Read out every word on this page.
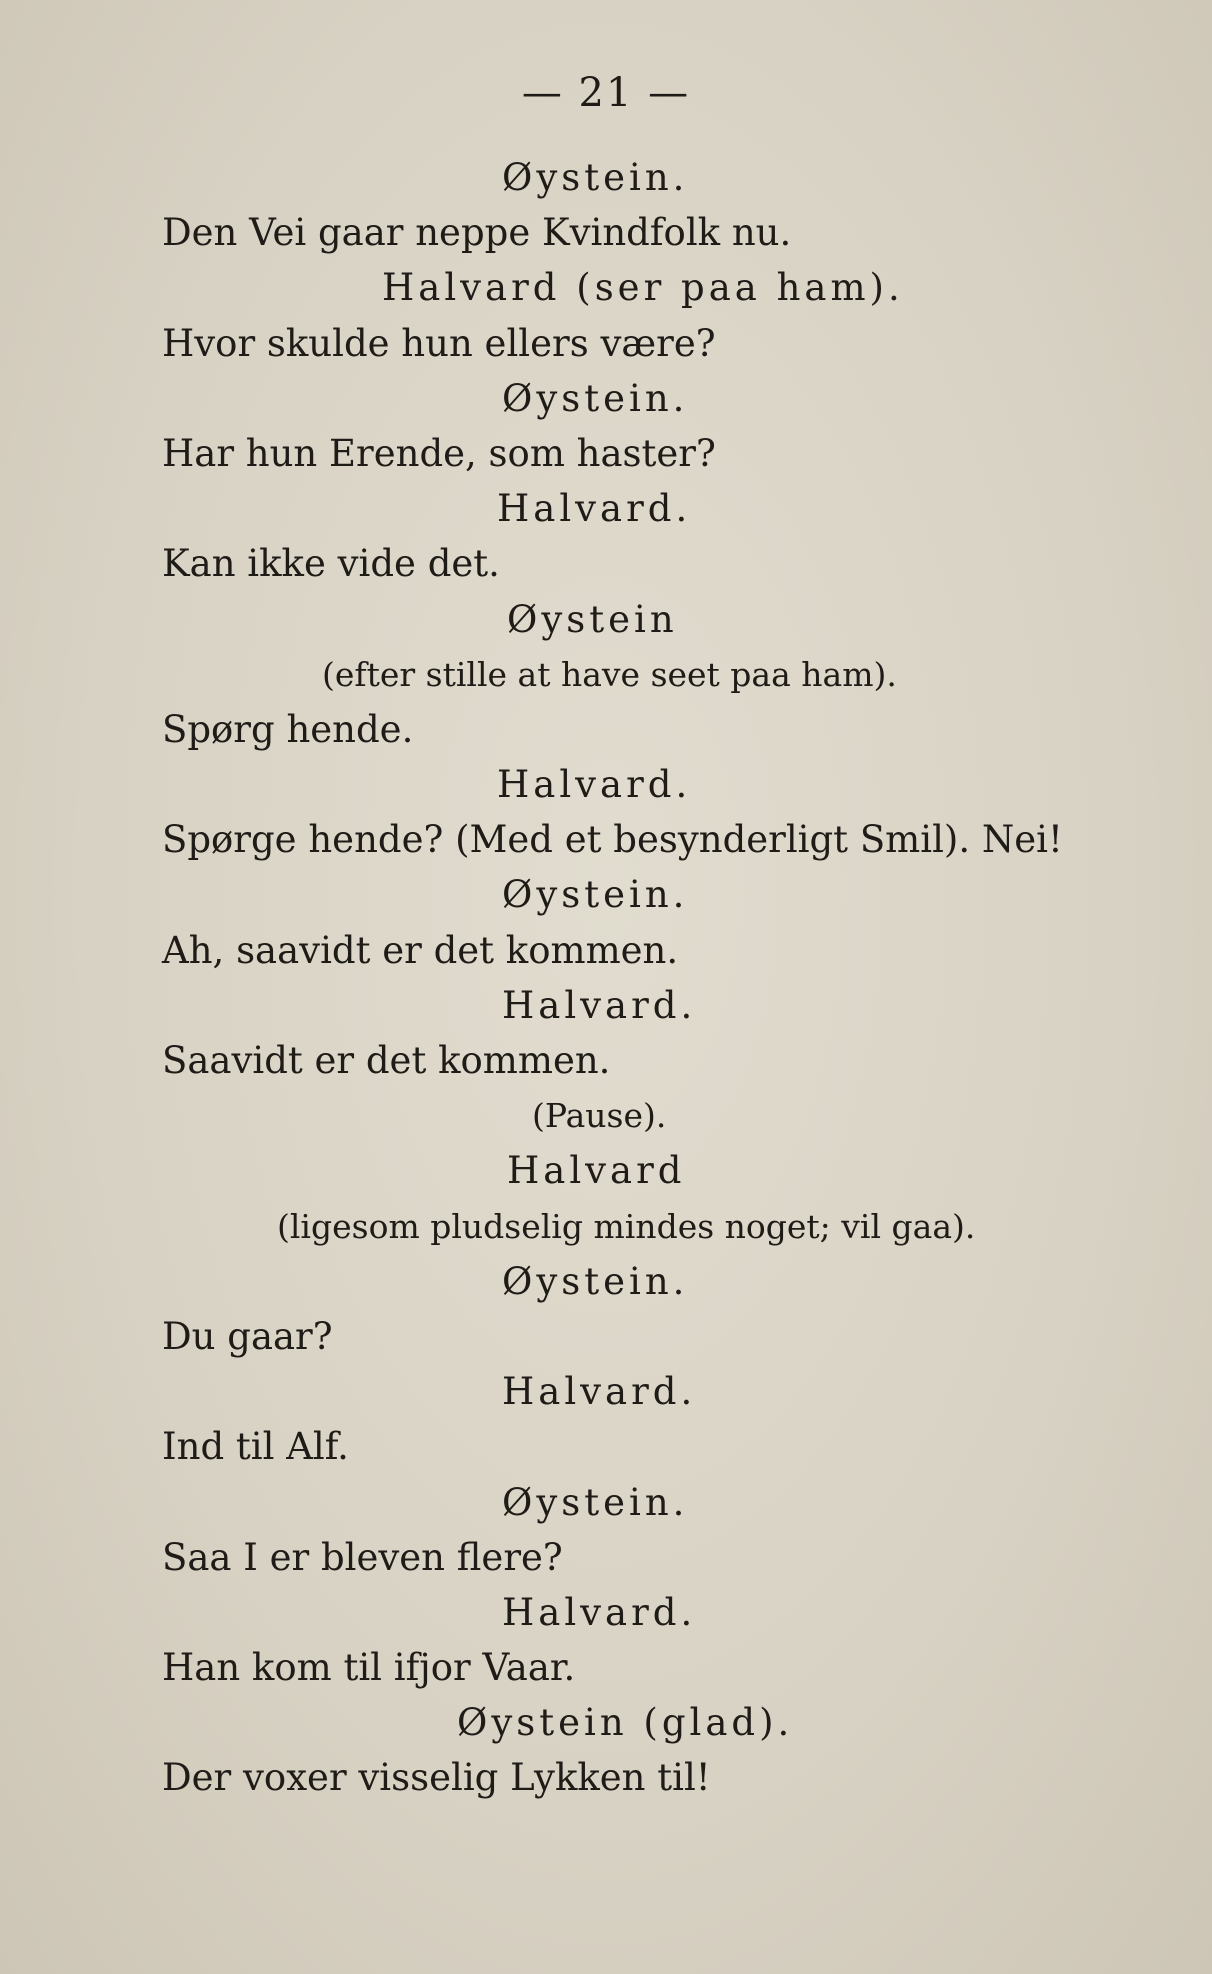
— 21 —
Øystein.
Den Vei gaar neppe Kvindfolk nu.
Halvard (ser paa ham).
Hvor skulde hun ellers være?
Øystein.
Har hun Erende, som haster?
Halvard.
Kan ikke vide det.
Øystein
(efter stille at have seet paa ham).
Spørg hende.
Halvard.
Spørge hende? (Med et besynderligt Smil). Nei!
Øystein.
Ah, saavidt er det kommen.
Halvard.
Saavidt er det kommen.
(Pause).
Halvard
(ligesom pludselig mindes noget; vil gaa).
Øystein.
Du gaar?
Halvard.
Ind til Alf.
Øystein.
Saa I er bleven flere?
Halvard.
Han kom til ifjor Vaar.
Øystein (glad).
Der voxer visselig Lykken til!
